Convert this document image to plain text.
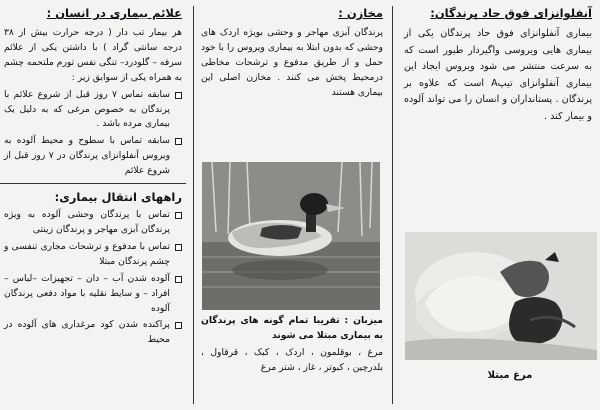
آنفلوانزای فوق حاد پرندگان:

بیماری آنفلوانزای فوق حاد پرندگان یکی از بیماری هایی ویروسی واگیردار طیور است که به سرعت منتشر می شود ویروس ایجاد این بیماری آنفلوانزای تیپA است که علاوه بر پرندگان . پستانداران و انسان را می تواند آلوده و بیمار کند .

مرغ مبتلا
مخازن :

پرندگان آبزی مهاجر و وحشی بویژه اردک های وحشی که بدون ابتلا به بیماری ویروس را با خود حمل و از طریق مدفوع و ترشحات مخاطی درمحیط پخش می کنند . مخازن اصلی این بیماری هستند

میزبان : تقریبا تمام گونه های پرندگان به بیماری مبتلا می شوند

مرغ ، بوقلمون ، اردک ، کبک ، قرقاول ، بلدرچین ، کبوتر ، غاز ، شتر مرغ

علائم بیماری در انسان :

هر بیمار تب دار ( درجه حرارت بیش از ۳۸ درجه سانتی گراد ) با داشتن یکی از علائم سرفه – گلودرد– تنگی نفس تورم ملتحمه چشم به همراه یکی از سوابق زیر :

سابقه تماس ۷ روز قبل از شروع علائم با پرندگان به خصوص مرغی که به دلیل یک بیماری مرده باشد .
سابقه تماس با سطوح و محیط آلوده به ویروس آنفلوانزای پرندگان در ۷ روز قبل از شروع علائم
راههای انتقال بیماری:
تماس با پرندگان وحشی آلوده به ویژه پرندگان آبزی مهاجر و پرندگان زینتی
تماس با مدفوع و ترشحات مجاری تنفسی و چشم پرندگان مبتلا
آلوده شدن آب – دان – تجهیزات –لباس –افراد – و سایط نقلیه با مواد دفعی پرندگان آلوده
پراکنده شدن کود مرغداری های آلوده در محیط
